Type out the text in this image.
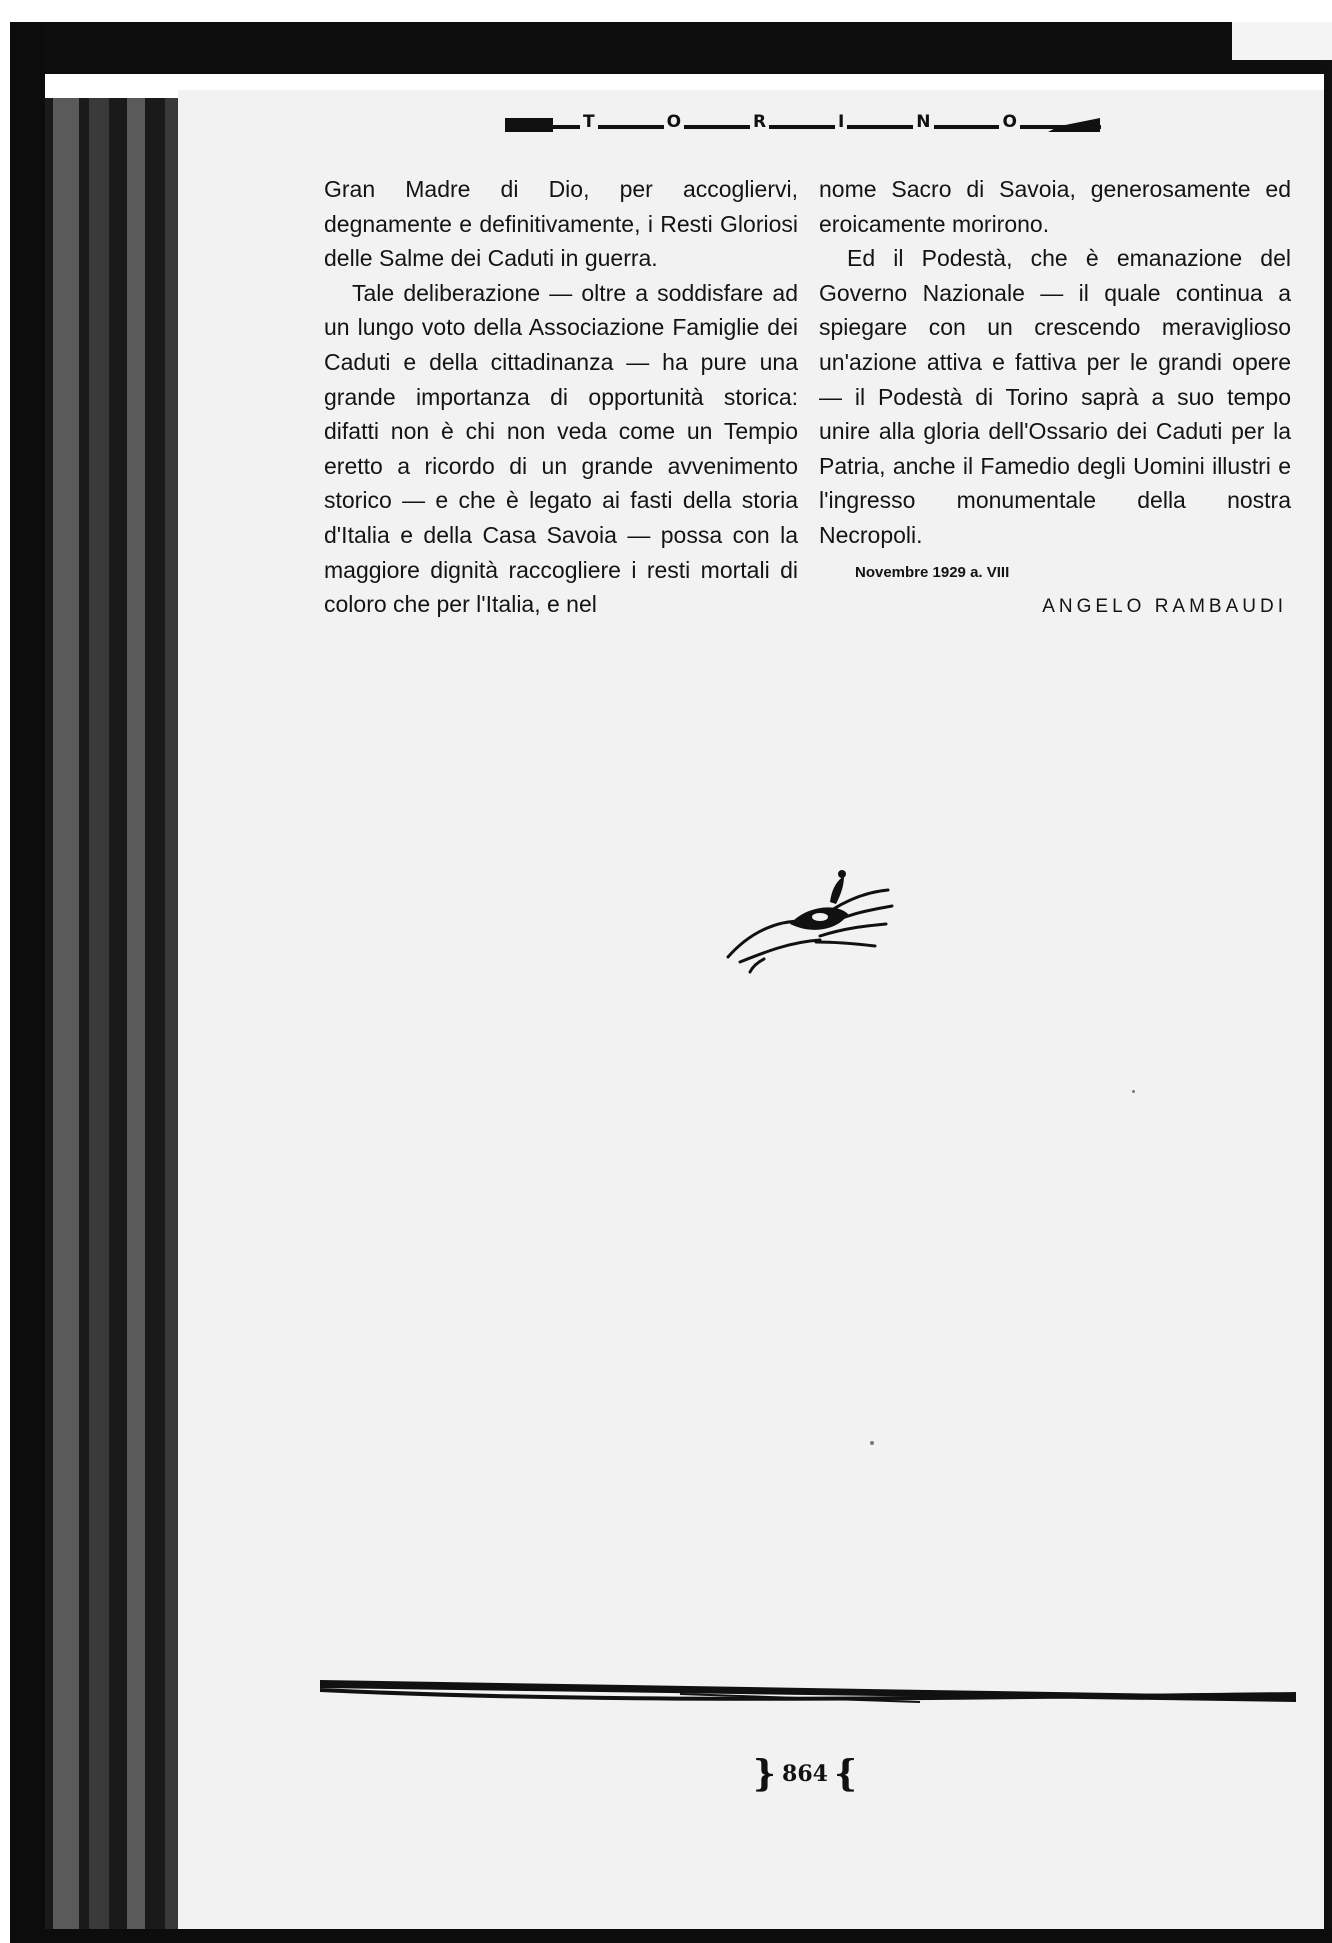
T	O	R	I	N	O

Gran Madre di Dio, per accogliervi, degnamente e definitivamente, i Resti Gloriosi delle Salme dei Caduti in guerra.

Tale deliberazione — oltre a soddisfare ad un lungo voto della Associazione Famiglie dei Caduti e della cittadinanza — ha pure una grande importanza di opportunità storica: difatti non è chi non veda come un Tempio eretto a ricordo di un grande avvenimento storico — e che è legato ai fasti della storia d'Italia e della Casa Savoia — possa con la maggiore dignità raccogliere i resti mortali di coloro che per l'Italia, e nel

nome Sacro di Savoia, generosamente ed eroicamente morirono.

Ed il Podestà, che è emanazione del Governo Nazionale — il quale continua a spiegare con un crescendo meraviglioso un'azione attiva e fattiva per le grandi opere — il Podestà di Torino saprà a suo tempo unire alla gloria dell'Ossario dei Caduti per la Patria, anche il Famedio degli Uomini illustri e l'ingresso monumentale della nostra Necropoli.

Novembre 1929 a. VIII
ANGELO RAMBAUDI
} 864 {
